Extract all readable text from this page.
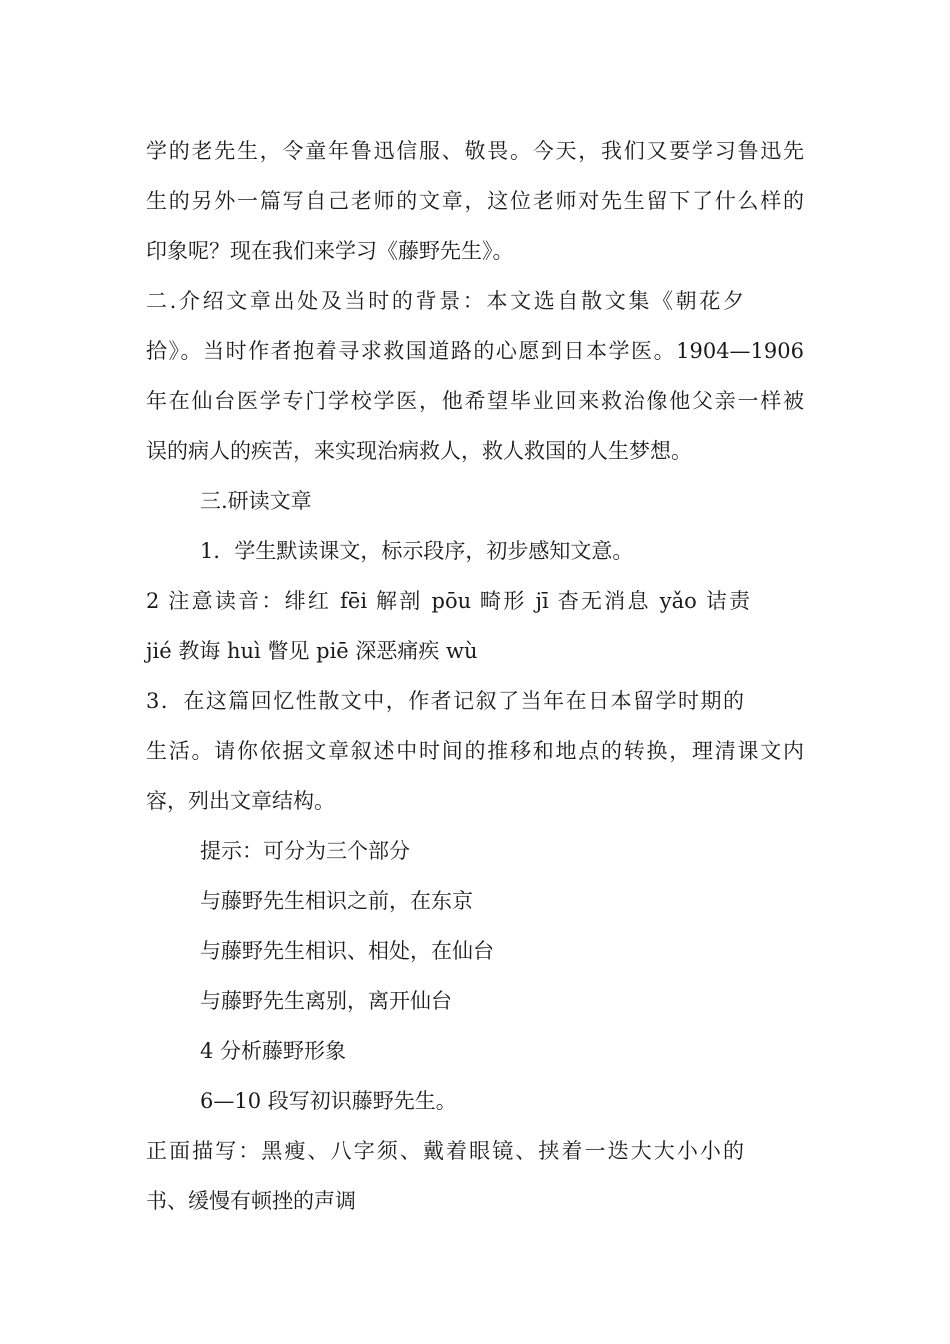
学的老先生，令童年鲁迅信服、敬畏。今天，我们又要学习鲁迅先
生的另外一篇写自己老师的文章，这位老师对先生留下了什么样的
印象呢？现在我们来学习《藤野先生》。
二.介绍文章出处及当时的背景：本文选自散文集《朝花夕
拾》。当时作者抱着寻求救国道路的心愿到日本学医。1904—1906
年在仙台医学专门学校学医，他希望毕业回来救治像他父亲一样被
误的病人的疾苦，来实现治病救人，救人救国的人生梦想。
三.研读文章
1．学生默读课文，标示段序，初步感知文意。
2 注意读音：绯红 fēi 解剖 pōu 畸形 jī 杳无消息 yǎo 诘责
jié 教诲 huì 瞥见 piē 深恶痛疾 wù
3．在这篇回忆性散文中，作者记叙了当年在日本留学时期的
生活。请你依据文章叙述中时间的推移和地点的转换，理清课文内
容，列出文章结构。
提示：可分为三个部分
与藤野先生相识之前，在东京
与藤野先生相识、相处，在仙台
与藤野先生离别，离开仙台
4 分析藤野形象
6—10 段写初识藤野先生。
正面描写：黑瘦、八字须、戴着眼镜、挟着一迭大大小小的
书、缓慢有顿挫的声调
